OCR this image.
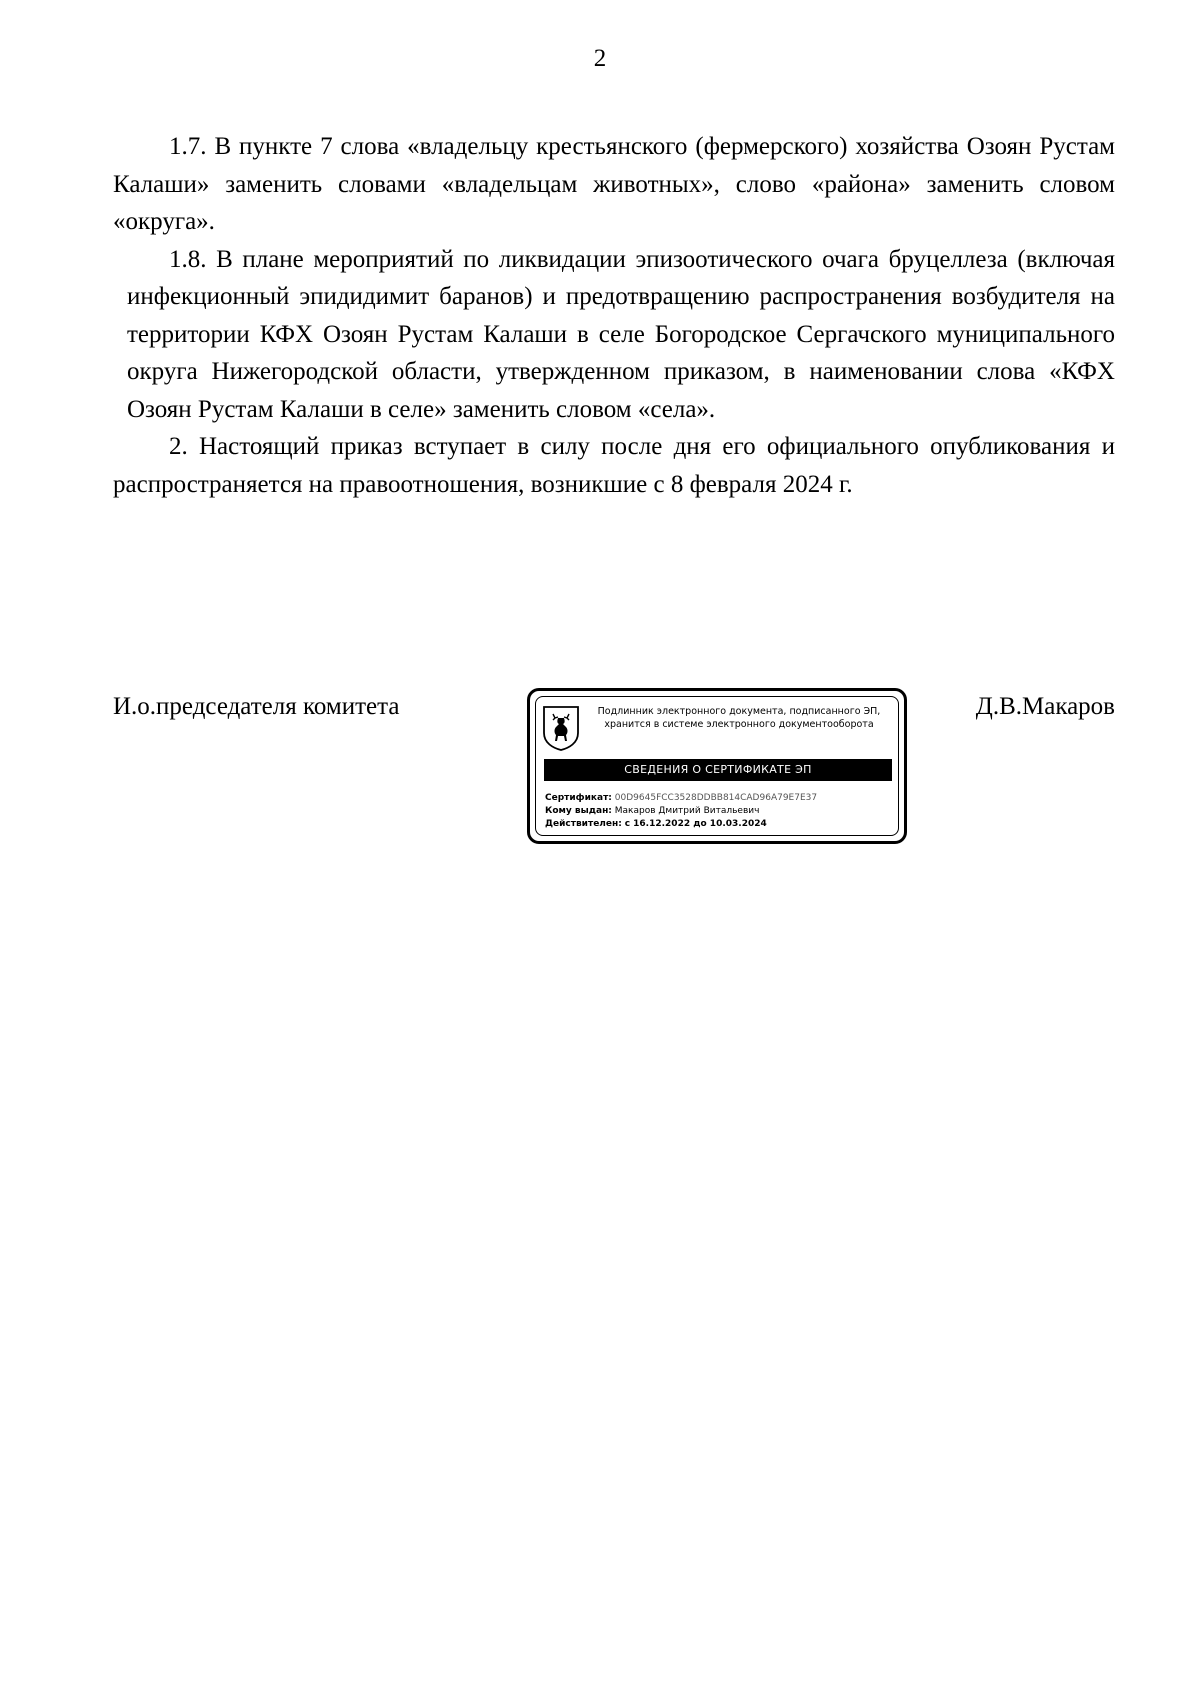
2

1.7. В пункте 7 слова «владельцу крестьянского (фермерского) хозяйства Озоян Рустам Калаши» заменить словами «владельцам животных», слово «района» заменить словом «округа».

1.8. В плане мероприятий по ликвидации эпизоотического очага бруцеллеза (включая инфекционный эпидидимит баранов) и предотвращению распространения возбудителя на территории КФХ Озоян Рустам Калаши в селе Богородское Сергачского муниципального округа Нижегородской области, утвержденном приказом, в наименовании слова «КФХ Озоян Рустам Калаши в селе» заменить словом «села».

2. Настоящий приказ вступает в силу после дня его официального опубликования и распространяется на правоотношения, возникшие с 8 февраля 2024 г.

И.о.председателя комитета	Подлинник электронного документа, подписанного ЭП,
хранится в системе электронного документооборота
СВЕДЕНИЯ О СЕРТИФИКАТЕ ЭП
Сертификат: 00D9645FCC3528DDBB814CAD96A79E7E37
Кому выдан: Макаров Дмитрий Витальевич
Действителен: с 16.12.2022 до 10.03.2024
Д.В.Макаров
